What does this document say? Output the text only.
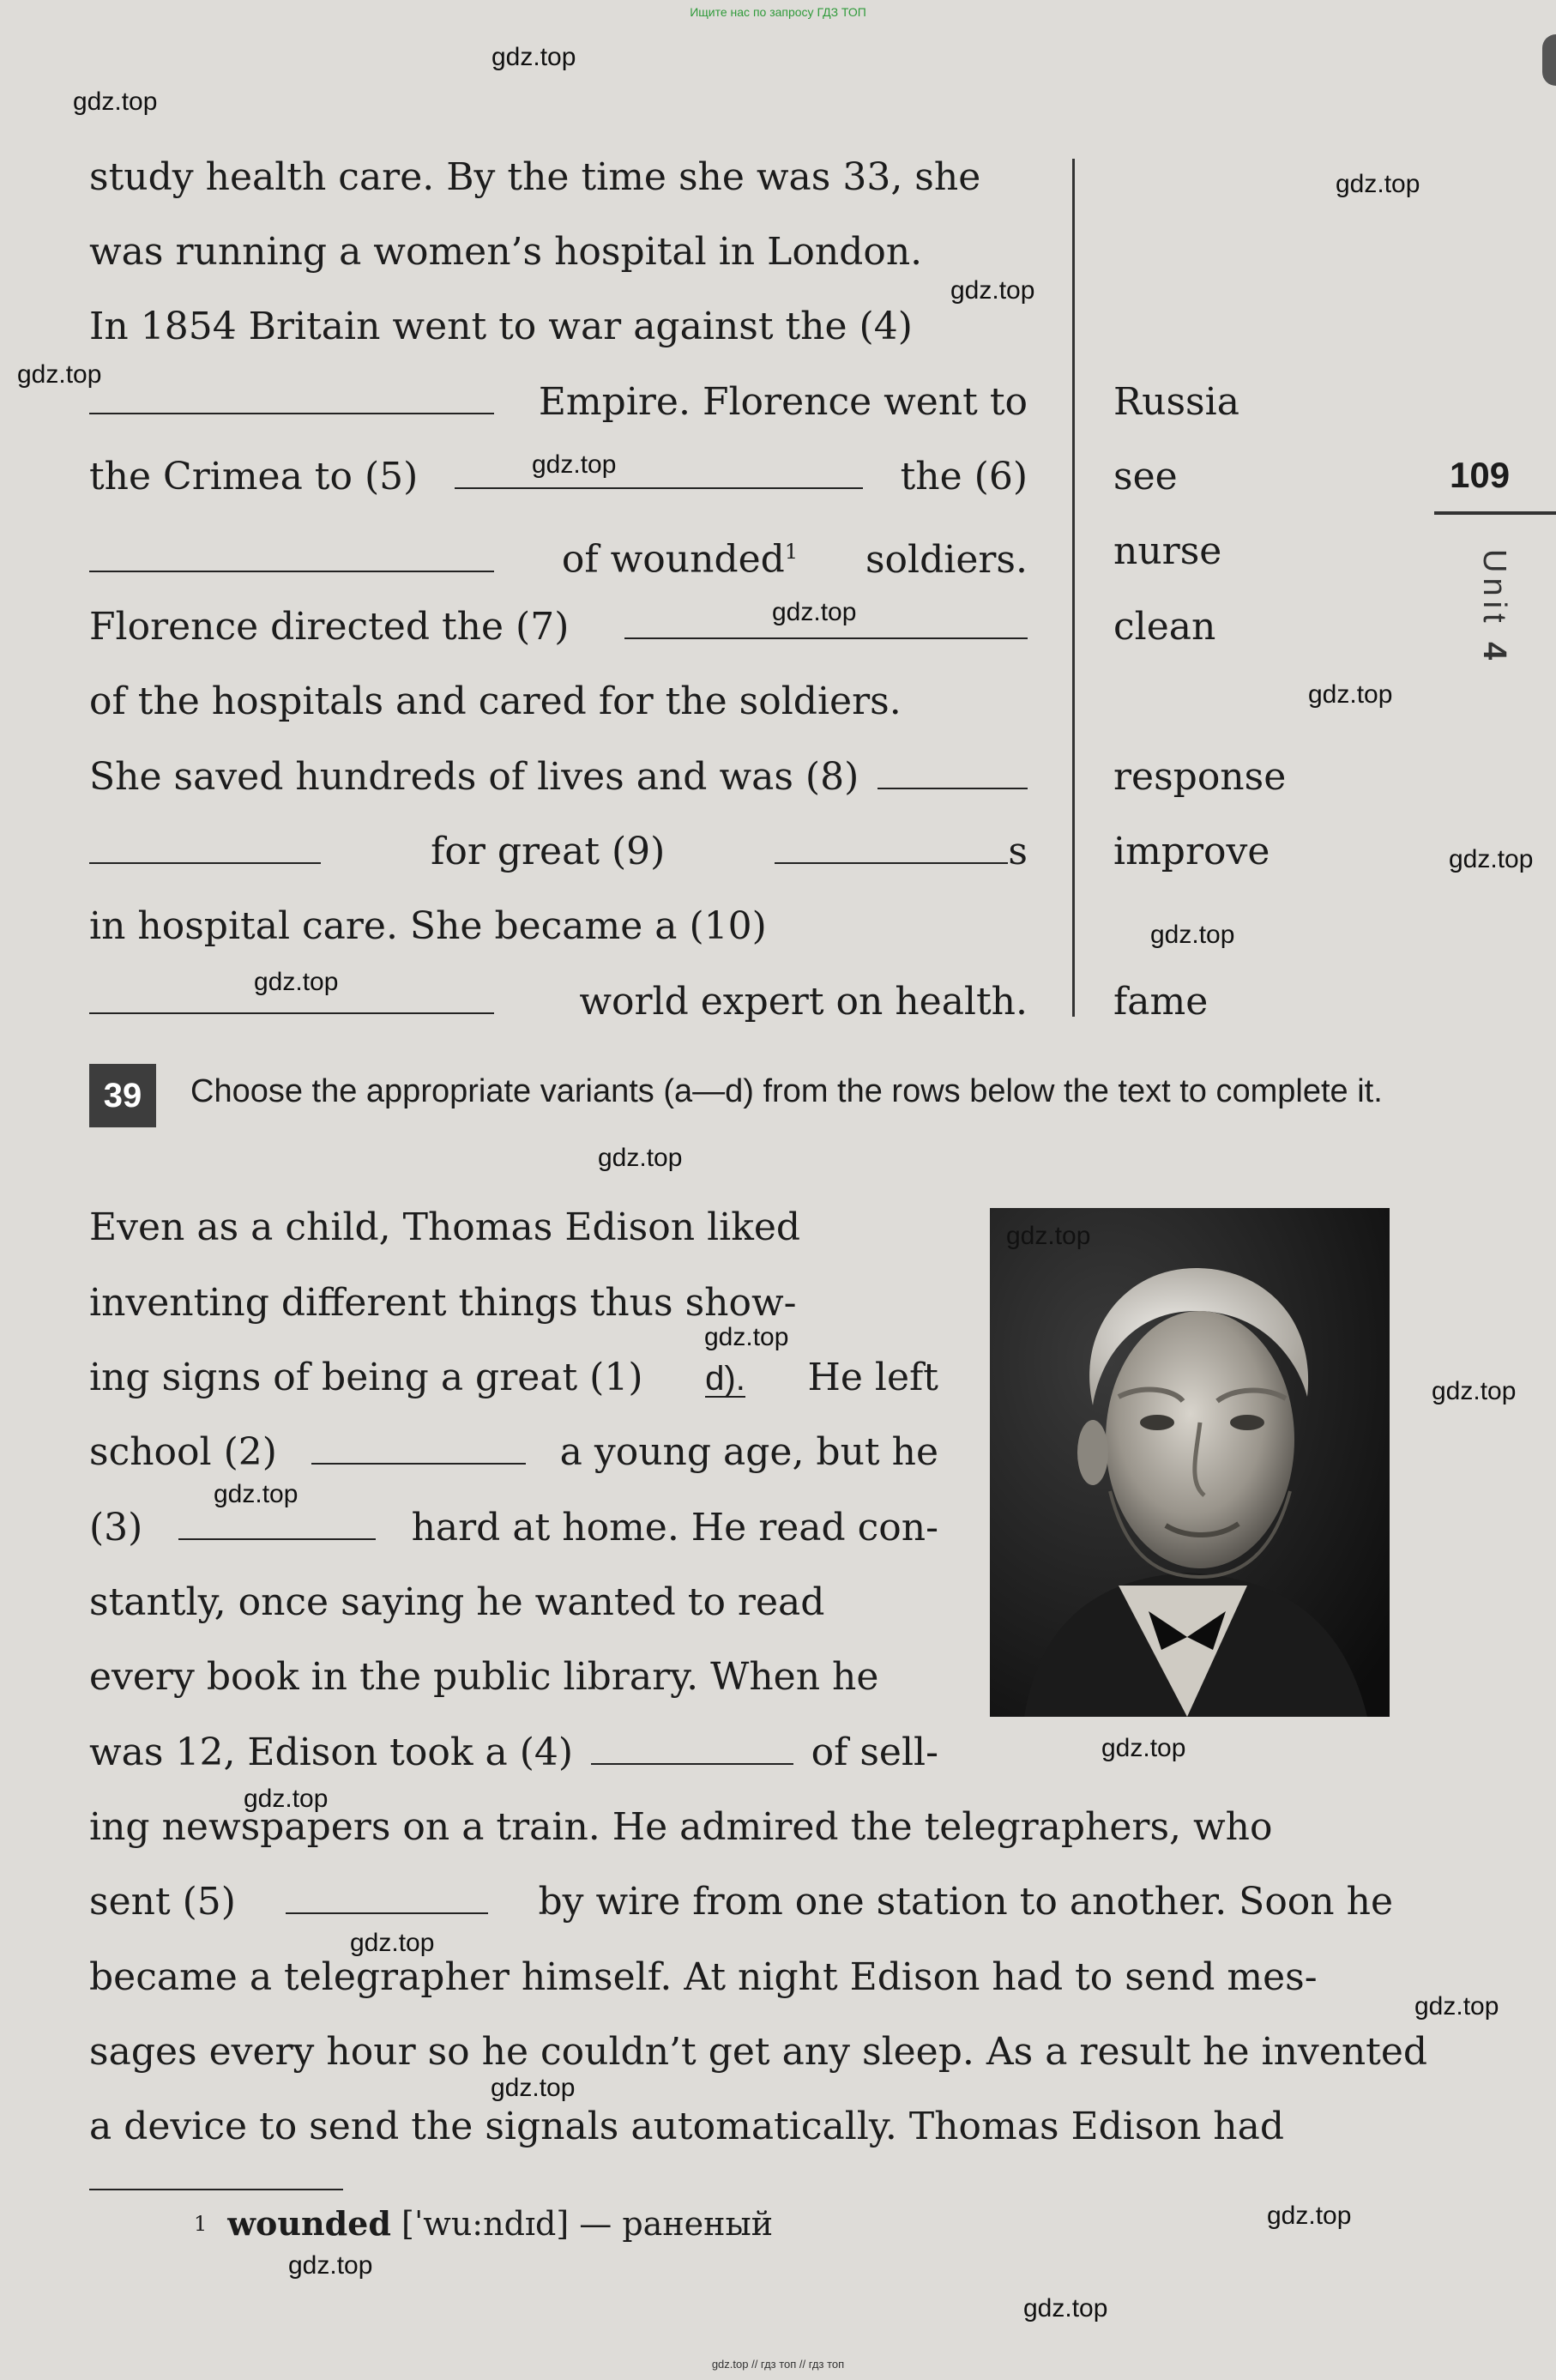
Ищите нас по запросу ГДЗ ТОП
study health care. By the time she was 33, she
was running a women’s hospital in London.
In 1854 Britain went to war against the (4)
Empire. Florence went to
the Crimea to (5)	the (6)
of wounded$^1$ soldiers.
Florence directed the (7)
of the hospitals and cared for the soldiers.
She saved hundreds of lives and was (8)
for great (9)	s
in hospital care. She became a (10)
world expert on health.
Russia
see
nurse
clean
response
improve
fame
109
Unit 4
39	Choose the appropriate variants (a—d) from the rows below the text to complete it.
Even as a child, Thomas Edison liked
inventing different things thus show-
ing signs of being a great (1) d). He left
school (2)	a young age, but he
(3)	hard at home. He read con-
stantly, once saying he wanted to read
every book in the public library. When he
was 12, Edison took a (4)	of sell-
ing newspapers on a train. He admired the telegraphers, who
sent (5)	by wire from one station to another. Soon he
became a telegrapher himself. At night Edison had to send mes-
sages every hour so he couldn’t get any sleep. As a result he invented
a device to send the signals automatically. Thomas Edison had
$^1$ wounded [ˈwu:ndɪd] — раненый
gdz.top
gdz.top
gdz.top
gdz.top
gdz.top
gdz.top
gdz.top
gdz.top
gdz.top
gdz.top
gdz.top
gdz.top
gdz.top
gdz.top
gdz.top
gdz.top
gdz.top
gdz.top
gdz.top
gdz.top
gdz.top
gdz.top
gdz.top
gdz.top
gdz.top // гдз топ // гдз топ
